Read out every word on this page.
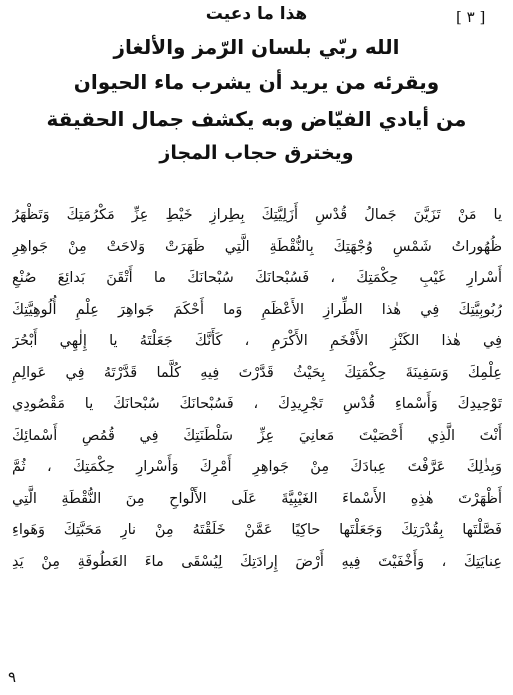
[ ٣ ]
هذا ما دعيت
الله ربّي بلسان الرّمز والألغاز
ويقرئه من يريد أن يشرب ماء الحيوان
من أيادي الفيّاض وبه يكشف جمال الحقيقة
ويخترق حجاب المجاز
يا مَنْ تَزَيَّنَ جَمالُ قُدْسِ أَزَلِيَّتِكَ بِطِرازِ خَيْطِ عِزِّ مَكْرُمَتِكَ وَتَظْهَرُ
ظُهُوراتُ شَمْسِ وُجْهَتِكَ بِالنُّقْطَةِ الَّتِي ظَهَرَتْ وَلاحَتْ مِنْ جَواهِرِ
أَسْرارِ غَيْبِ حِكْمَتِكَ ، فَسُبْحانَكَ سُبْحانَكَ ما أَتْقَنَ بَدائِعَ صُنْعِ
رُبُوبِيَّتِكَ فِي هٰذا الطِّرازِ الأَعْظَمِ وَما أَحْكَمَ جَواهِرَ عِلْمِ أُلُوهِيَّتِكَ
فِي هٰذا الكَنْزِ الأَفْخَمِ الأَكْرَمِ ، كَأَنَّكَ جَعَلْتَهُ يا إِلٰهِي أَبْحُرَ
عِلْمِكَ وَسَفِينَةَ حِكْمَتِكَ بِحَيْثُ قَدَّرْتَ فِيهِ كُلَّما قَدَّرْتَهُ فِي عَوالِمِ
تَوْحِيدِكَ وَأَسْماءِ قُدْسِ تَجْرِيدِكَ ، فَسُبْحانَكَ سُبْحانَكَ يا مَقْصُودِي
أَنْتَ الَّذِي أَحْصَيْتَ مَعانِيَ عِزِّ سَلْطَنَتِكَ فِي قُمُصِ أَسْمائِكَ
وَبِذٰلِكَ عَرَّفْتَ عِبادَكَ مِنْ جَواهِرِ أَمْرِكَ وَأَسْرارِ حِكْمَتِكَ ، ثُمَّ
أَظْهَرْتَ هٰذِهِ الأَسْماءَ الغَيْبِيَّةَ عَلَى الأَلْواحِ مِنَ النُّقْطَةِ الَّتِي
فَصَّلْتَها بِقُدْرَتِكَ وَجَعَلْتَها حاكِيًا عَمَّنْ خَلَقْتَهُ مِنْ نارِ مَحَبَّتِكَ وَهَواءِ
عِنايَتِكَ ، وَأَخْفَيْتَ فِيهِ أَرْضَ إِرادَتِكَ لِيُسْقَى ماءَ العَطُوفَةِ مِنْ يَدِ
٩
